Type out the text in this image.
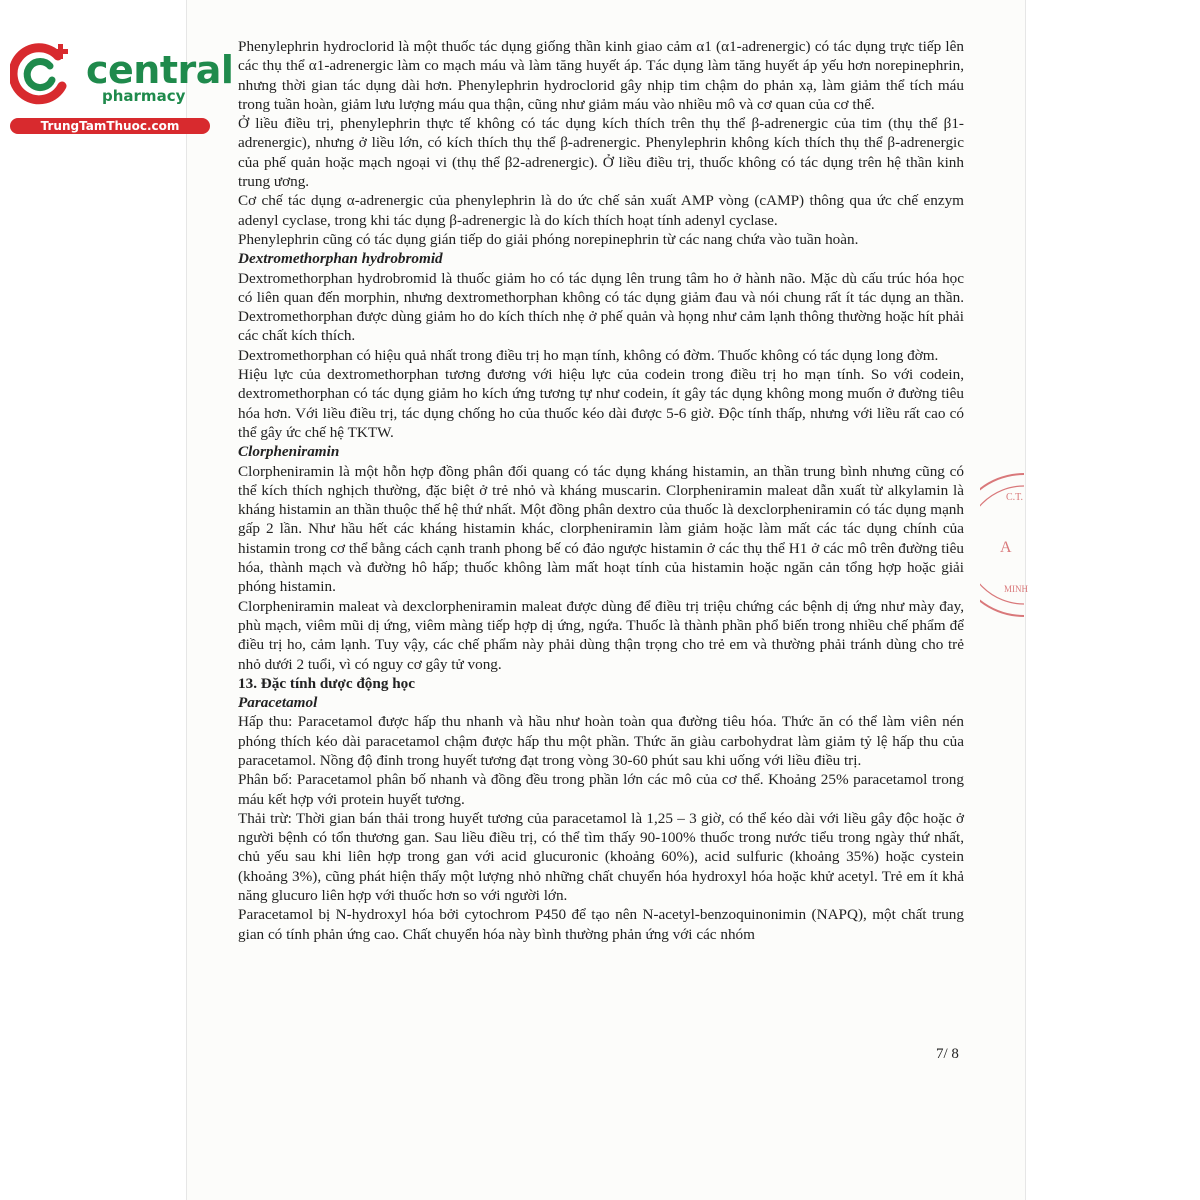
central
pharmacy
TrungTamThuoc.com

Phenylephrin hydroclorid là một thuốc tác dụng giống thần kinh giao cảm α1 (α1-adrenergic) có tác dụng trực tiếp lên các thụ thể α1-adrenergic làm co mạch máu và làm tăng huyết áp. Tác dụng làm tăng huyết áp yếu hơn norepinephrin, nhưng thời gian tác dụng dài hơn. Phenylephrin hydroclorid gây nhịp tim chậm do phản xạ, làm giảm thể tích máu trong tuần hoàn, giảm lưu lượng máu qua thận, cũng như giảm máu vào nhiều mô và cơ quan của cơ thể.

Ở liều điều trị, phenylephrin thực tế không có tác dụng kích thích trên thụ thể β-adrenergic của tim (thụ thể β1-adrenergic), nhưng ở liều lớn, có kích thích thụ thể β-adrenergic. Phenylephrin không kích thích thụ thể β-adrenergic của phế quản hoặc mạch ngoại vi (thụ thể β2-adrenergic). Ở liều điều trị, thuốc không có tác dụng trên hệ thần kinh trung ương.

Cơ chế tác dụng α-adrenergic của phenylephrin là do ức chế sản xuất AMP vòng (cAMP) thông qua ức chế enzym adenyl cyclase, trong khi tác dụng β-adrenergic là do kích thích hoạt tính adenyl cyclase.

Phenylephrin cũng có tác dụng gián tiếp do giải phóng norepinephrin từ các nang chứa vào tuần hoàn.

Dextromethorphan hydrobromid

Dextromethorphan hydrobromid là thuốc giảm ho có tác dụng lên trung tâm ho ở hành não. Mặc dù cấu trúc hóa học có liên quan đến morphin, nhưng dextromethorphan không có tác dụng giảm đau và nói chung rất ít tác dụng an thần. Dextromethorphan được dùng giảm ho do kích thích nhẹ ở phế quản và họng như cảm lạnh thông thường hoặc hít phải các chất kích thích.

Dextromethorphan có hiệu quả nhất trong điều trị ho mạn tính, không có đờm. Thuốc không có tác dụng long đờm.

Hiệu lực của dextromethorphan tương đương với hiệu lực của codein trong điều trị ho mạn tính. So với codein, dextromethorphan có tác dụng giảm ho kích ứng tương tự như codein, ít gây tác dụng không mong muốn ở đường tiêu hóa hơn. Với liều điều trị, tác dụng chống ho của thuốc kéo dài được 5-6 giờ. Độc tính thấp, nhưng với liều rất cao có thể gây ức chế hệ TKTW.

Clorpheniramin

Clorpheniramin là một hỗn hợp đồng phân đối quang có tác dụng kháng histamin, an thần trung bình nhưng cũng có thể kích thích nghịch thường, đặc biệt ở trẻ nhỏ và kháng muscarin. Clorpheniramin maleat dẫn xuất từ alkylamin là kháng histamin an thần thuộc thế hệ thứ nhất. Một đồng phân dextro của thuốc là dexclorpheniramin có tác dụng mạnh gấp 2 lần. Như hầu hết các kháng histamin khác, clorpheniramin làm giảm hoặc làm mất các tác dụng chính của histamin trong cơ thể bằng cách cạnh tranh phong bế có đảo ngược histamin ở các thụ thể H1 ở các mô trên đường tiêu hóa, thành mạch và đường hô hấp; thuốc không làm mất hoạt tính của histamin hoặc ngăn cản tổng hợp hoặc giải phóng histamin.

Clorpheniramin maleat và dexclorpheniramin maleat được dùng để điều trị triệu chứng các bệnh dị ứng như mày đay, phù mạch, viêm mũi dị ứng, viêm màng tiếp hợp dị ứng, ngứa. Thuốc là thành phần phổ biến trong nhiều chế phẩm để điều trị ho, cảm lạnh. Tuy vậy, các chế phẩm này phải dùng thận trọng cho trẻ em và thường phải tránh dùng cho trẻ nhỏ dưới 2 tuổi, vì có nguy cơ gây tử vong.

13. Đặc tính dược động học

Paracetamol

Hấp thu: Paracetamol được hấp thu nhanh và hầu như hoàn toàn qua đường tiêu hóa. Thức ăn có thể làm viên nén phóng thích kéo dài paracetamol chậm được hấp thu một phần. Thức ăn giàu carbohydrat làm giảm tỷ lệ hấp thu của paracetamol. Nồng độ đỉnh trong huyết tương đạt trong vòng 30-60 phút sau khi uống với liều điều trị.

Phân bố: Paracetamol phân bố nhanh và đồng đều trong phần lớn các mô của cơ thể. Khoảng 25% paracetamol trong máu kết hợp với protein huyết tương.

Thải trừ: Thời gian bán thải trong huyết tương của paracetamol là 1,25 – 3 giờ, có thể kéo dài với liều gây độc hoặc ở người bệnh có tổn thương gan. Sau liều điều trị, có thể tìm thấy 90-100% thuốc trong nước tiểu trong ngày thứ nhất, chủ yếu sau khi liên hợp trong gan với acid glucuronic (khoảng 60%), acid sulfuric (khoảng 35%) hoặc cystein (khoảng 3%), cũng phát hiện thấy một lượng nhỏ những chất chuyển hóa hydroxyl hóa hoặc khử acetyl. Trẻ em ít khả năng glucuro liên hợp với thuốc hơn so với người lớn.

Paracetamol bị N-hydroxyl hóa bởi cytochrom P450 để tạo nên N-acetyl-benzoquinonimin (NAPQ), một chất trung gian có tính phản ứng cao. Chất chuyển hóa này bình thường phản ứng với các nhóm

7/ 8
C.T.
A
MINH
